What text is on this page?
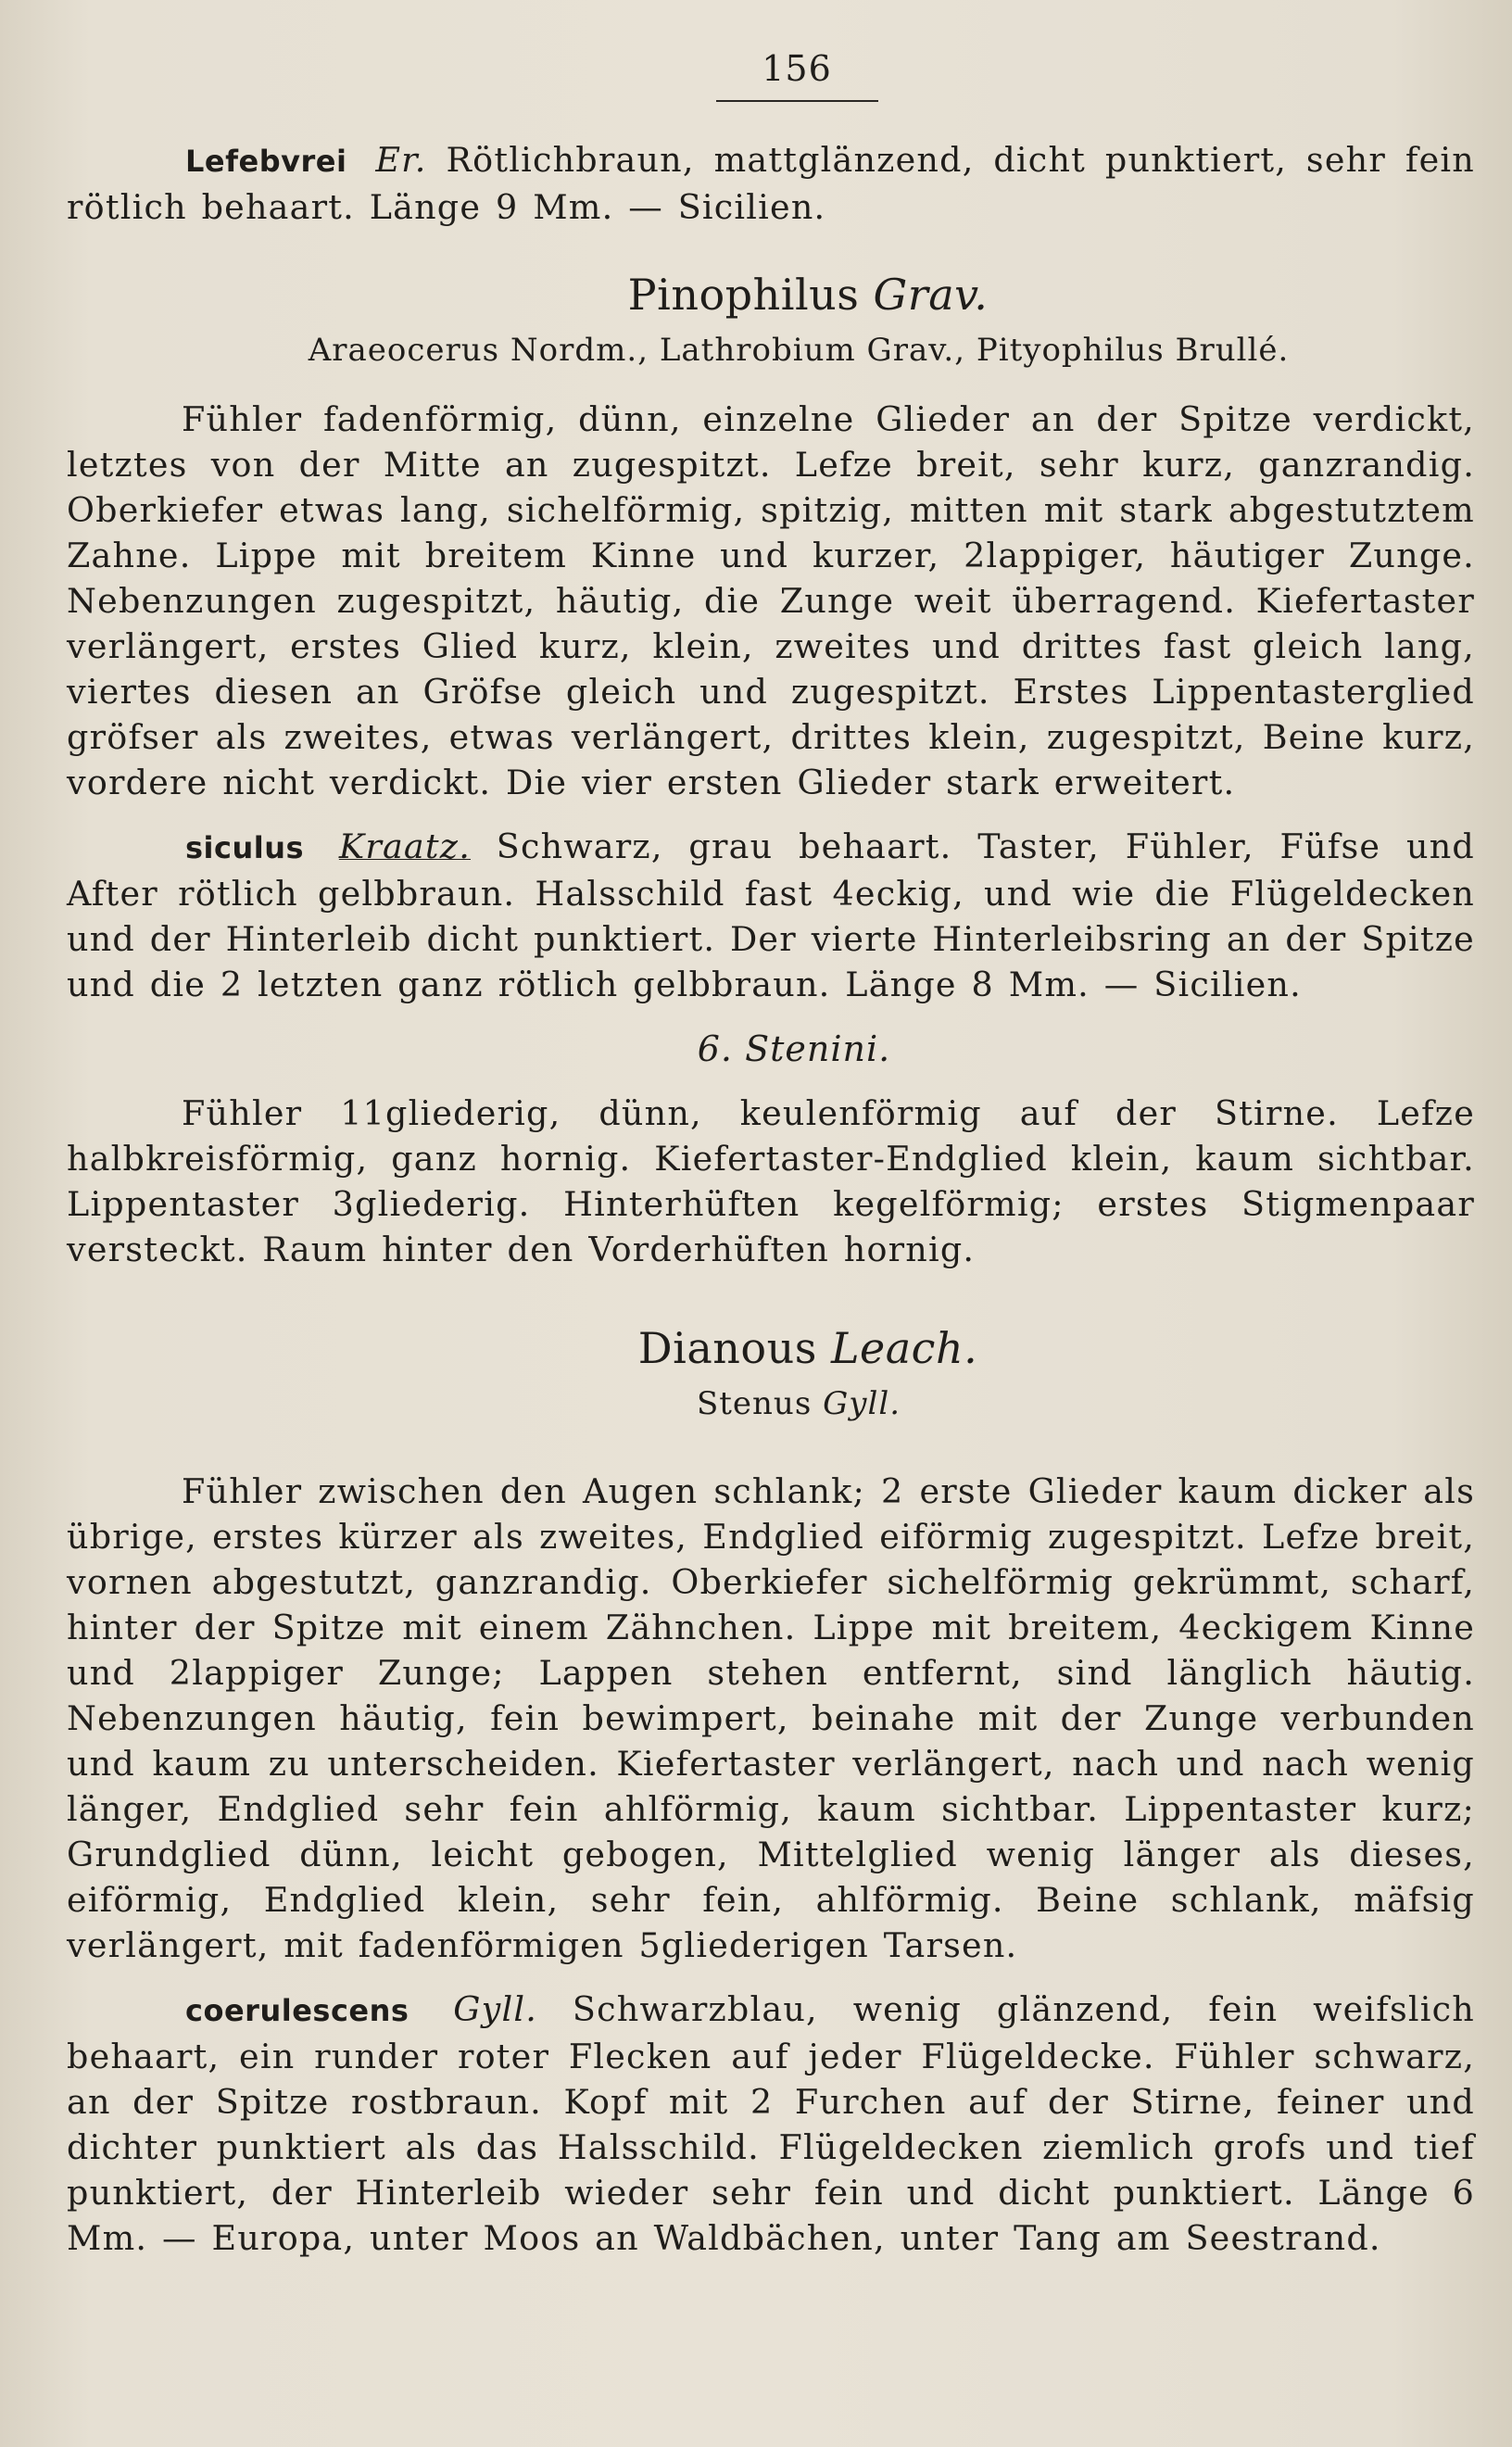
156

Lefebvrei Er. Rötlichbraun, mattglänzend, dicht punktiert, sehr fein rötlich behaart. Länge 9 Mm. — Sicilien.

Pinophilus Grav.
Araeocerus Nordm., Lathrobium Grav., Pityophilus Brullé.

Fühler fadenförmig, dünn, einzelne Glieder an der Spitze verdickt, letztes von der Mitte an zugespitzt. Lefze breit, sehr kurz, ganzrandig. Oberkiefer etwas lang, sichelförmig, spitzig, mitten mit stark abgestutztem Zahne. Lippe mit breitem Kinne und kurzer, 2lappiger, häutiger Zunge. Nebenzungen zugespitzt, häutig, die Zunge weit überragend. Kiefertaster verlängert, erstes Glied kurz, klein, zweites und drittes fast gleich lang, viertes diesen an Gröfse gleich und zugespitzt. Erstes Lippentasterglied gröfser als zweites, etwas verlängert, drittes klein, zugespitzt, Beine kurz, vordere nicht verdickt. Die vier ersten Glieder stark erweitert.

siculus Kraatz. Schwarz, grau behaart. Taster, Fühler, Füfse und After rötlich gelbbraun. Halsschild fast 4eckig, und wie die Flügeldecken und der Hinterleib dicht punktiert. Der vierte Hinterleibsring an der Spitze und die 2 letzten ganz rötlich gelbbraun. Länge 8 Mm. — Sicilien.

6. Stenini.

Fühler 11gliederig, dünn, keulenförmig auf der Stirne. Lefze halbkreisförmig, ganz hornig. Kiefertaster-Endglied klein, kaum sichtbar. Lippentaster 3gliederig. Hinterhüften kegelförmig; erstes Stigmenpaar versteckt. Raum hinter den Vorderhüften hornig.

Dianous Leach.
Stenus Gyll.

Fühler zwischen den Augen schlank; 2 erste Glieder kaum dicker als übrige, erstes kürzer als zweites, Endglied eiförmig zugespitzt. Lefze breit, vornen abgestutzt, ganzrandig. Oberkiefer sichelförmig gekrümmt, scharf, hinter der Spitze mit einem Zähnchen. Lippe mit breitem, 4eckigem Kinne und 2lappiger Zunge; Lappen stehen entfernt, sind länglich häutig. Nebenzungen häutig, fein bewimpert, beinahe mit der Zunge verbunden und kaum zu unterscheiden. Kiefertaster verlängert, nach und nach wenig länger, Endglied sehr fein ahlförmig, kaum sichtbar. Lippentaster kurz; Grundglied dünn, leicht gebogen, Mittelglied wenig länger als dieses, eiförmig, Endglied klein, sehr fein, ahlförmig. Beine schlank, mäfsig verlängert, mit fadenförmigen 5gliederigen Tarsen.

coerulescens Gyll. Schwarzblau, wenig glänzend, fein weifslich behaart, ein runder roter Flecken auf jeder Flügeldecke. Fühler schwarz, an der Spitze rostbraun. Kopf mit 2 Furchen auf der Stirne, feiner und dichter punktiert als das Halsschild. Flügeldecken ziemlich grofs und tief punktiert, der Hinterleib wieder sehr fein und dicht punktiert. Länge 6 Mm. — Europa, unter Moos an Waldbächen, unter Tang am Seestrand.
